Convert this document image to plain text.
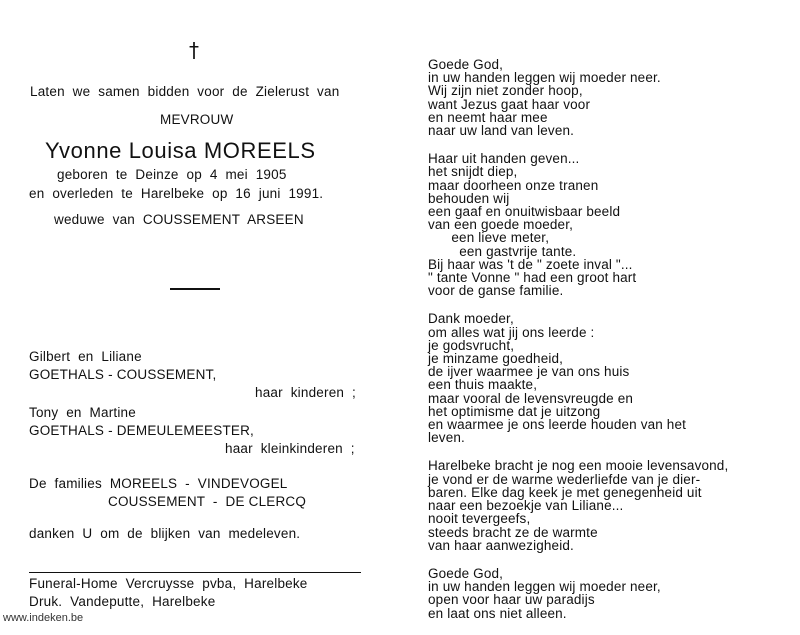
†
Laten  we  samen  bidden  voor  de  Zielerust  van
MEVROUW
Yvonne Louisa MOREELS
geboren  te  Deinze  op  4  mei  1905
en  overleden  te  Harelbeke  op  16  juni  1991.
weduwe  van  COUSSEMENT  ARSEEN
Gilbert  en  Liliane
GOETHALS - COUSSEMENT,
haar  kinderen  ;
Tony  en  Martine
GOETHALS - DEMEULEMEESTER,
haar  kleinkinderen  ;
De  families  MOREELS  -  VINDEVOGEL
COUSSEMENT  -  DE CLERCQ
danken  U  om  de  blijken  van  medeleven.
Funeral-Home  Vercruysse  pvba,  Harelbeke
Druk.  Vandeputte,  Harelbeke
Goede God,
in uw handen leggen wij moeder neer.
Wij zijn niet zonder hoop,
want Jezus gaat haar voor
en neemt haar mee
naar uw land van leven.
Haar uit handen geven...
het snijdt diep,
maar doorheen onze tranen
behouden wij
een gaaf en onuitwisbaar beeld
van een goede moeder,
een lieve meter,
een gastvrije tante.
Bij haar was 't de " zoete inval "...
" tante Vonne " had een groot hart
voor de ganse familie.
Dank moeder,
om alles wat jij ons leerde :
je godsvrucht,
je minzame goedheid,
de ijver waarmee je van ons huis
een thuis maakte,
maar vooral de levensvreugde en
het optimisme dat je uitzong
en waarmee je ons leerde houden van het
leven.
Harelbeke bracht je nog een mooie levensavond,
je vond er de warme wederliefde van je dier-
baren. Elke dag keek je met genegenheid uit
naar een bezoekje van Liliane...
nooit tevergeefs,
steeds bracht ze de warmte
van haar aanwezigheid.
Goede God,
in uw handen leggen wij moeder neer,
open voor haar uw paradijs
en laat ons niet alleen.
www.indeken.be
